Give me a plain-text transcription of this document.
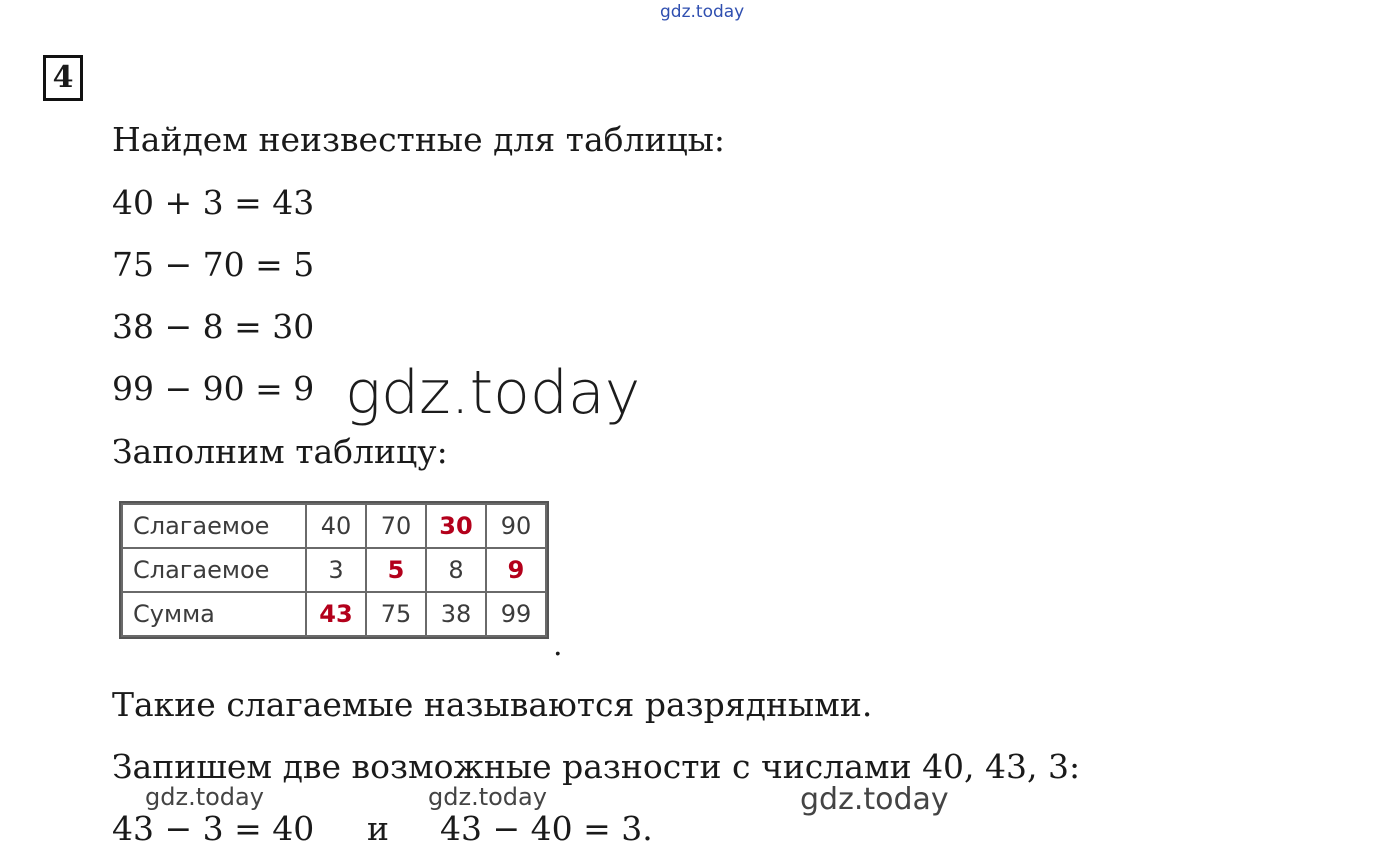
gdz.today
4
Найдем неизвестные для таблицы:
40 + 3 = 43
75 − 70 = 5
38 − 8 = 30
99 − 90 = 9 gdz.today
Заполним таблицу:
Слагаемое	40	70	30	90
Слагаемое	3	5	8	9
Сумма	43	75	38	99
.
Такие слагаемые называются разрядными.
Запишем две возможные разности с числами 40, 43, 3:
gdz.today	gdz.today	gdz.today
43 − 3 = 40 и 43 − 40 = 3.
